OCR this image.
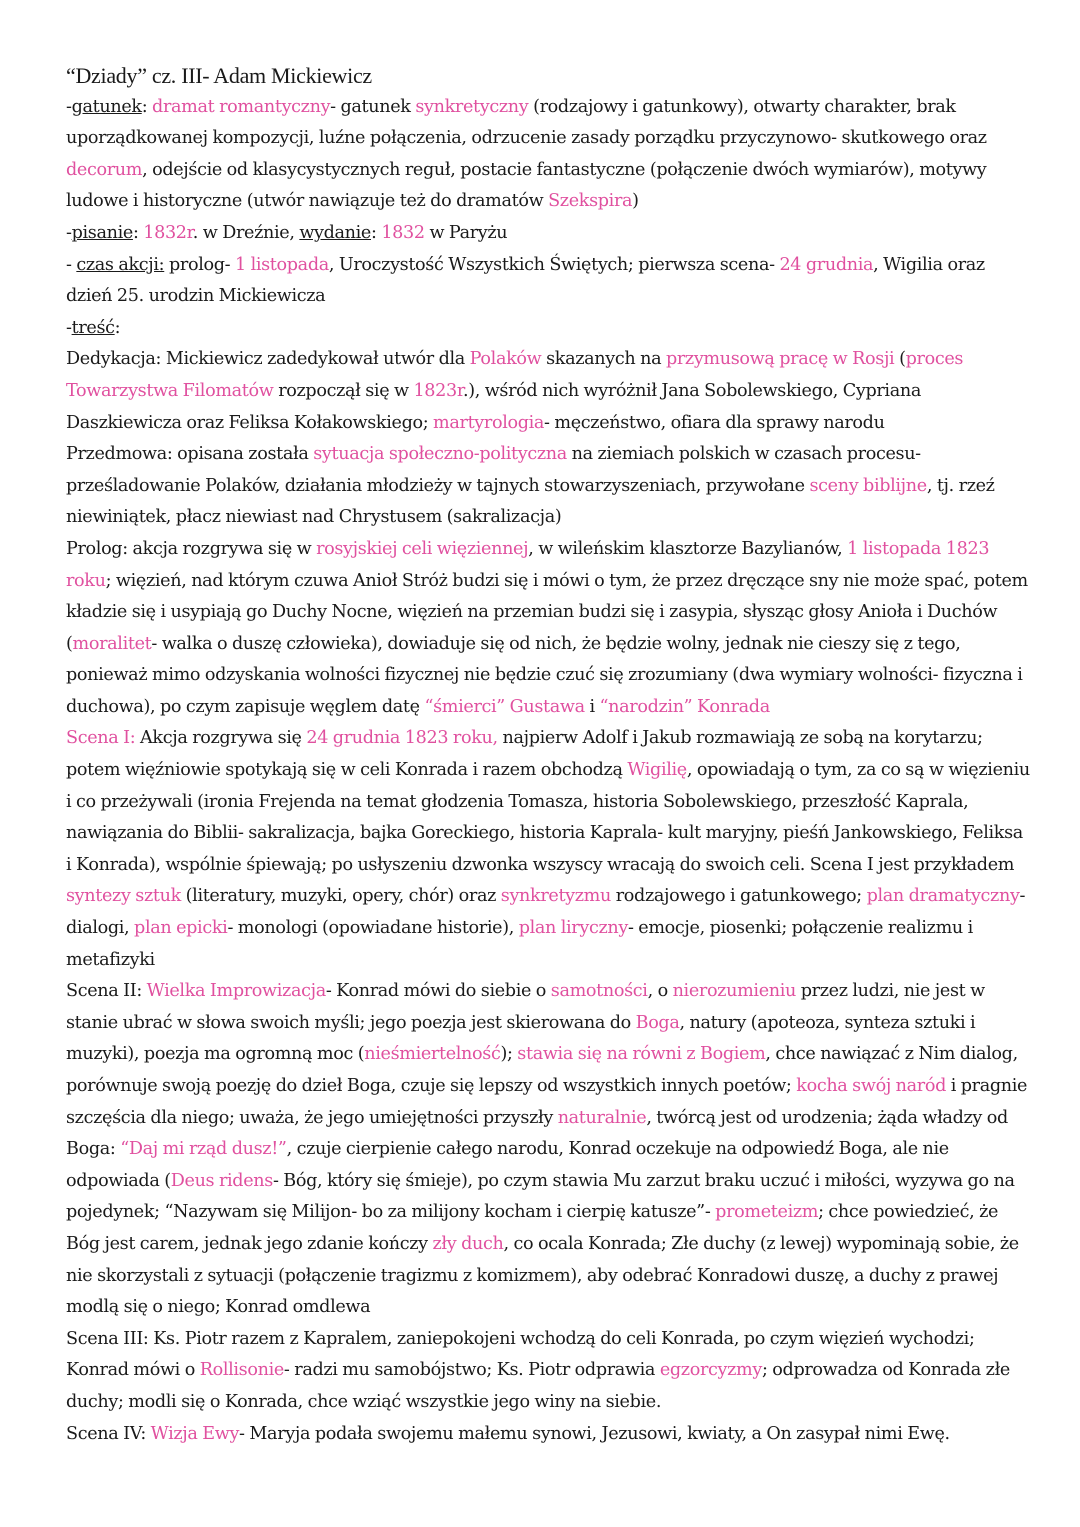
“Dziady” cz. III- Adam Mickiewicz
-gatunek: dramat romantyczny- gatunek synkretyczny (rodzajowy i gatunkowy), otwarty charakter, brak
uporządkowanej kompozycji, luźne połączenia, odrzucenie zasady porządku przyczynowo- skutkowego oraz
decorum, odejście od klasycystycznych reguł, postacie fantastyczne (połączenie dwóch wymiarów), motywy
ludowe i historyczne (utwór nawiązuje też do dramatów Szekspira)
-pisanie: 1832r. w Dreźnie, wydanie: 1832 w Paryżu
- czas akcji: prolog- 1 listopada, Uroczystość Wszystkich Świętych; pierwsza scena- 24 grudnia, Wigilia oraz
dzień 25. urodzin Mickiewicza
-treść:
Dedykacja: Mickiewicz zadedykował utwór dla Polaków skazanych na przymusową pracę w Rosji (proces
Towarzystwa Filomatów rozpoczął się w 1823r.), wśród nich wyróżnił Jana Sobolewskiego, Cypriana
Daszkiewicza oraz Feliksa Kołakowskiego; martyrologia- męczeństwo, ofiara dla sprawy narodu
Przedmowa: opisana została sytuacja społeczno-polityczna na ziemiach polskich w czasach procesu-
prześladowanie Polaków, działania młodzieży w tajnych stowarzyszeniach, przywołane sceny biblijne, tj. rzeź
niewiniątek, płacz niewiast nad Chrystusem (sakralizacja)
Prolog: akcja rozgrywa się w rosyjskiej celi więziennej, w wileńskim klasztorze Bazylianów, 1 listopada 1823
roku; więzień, nad którym czuwa Anioł Stróż budzi się i mówi o tym, że przez dręczące sny nie może spać, potem
kładzie się i usypiają go Duchy Nocne, więzień na przemian budzi się i zasypia, słysząc głosy Anioła i Duchów
(moralitet- walka o duszę człowieka), dowiaduje się od nich, że będzie wolny, jednak nie cieszy się z tego,
ponieważ mimo odzyskania wolności fizycznej nie będzie czuć się zrozumiany (dwa wymiary wolności- fizyczna i
duchowa), po czym zapisuje węglem datę “śmierci” Gustawa i “narodzin” Konrada
Scena I: Akcja rozgrywa się 24 grudnia 1823 roku, najpierw Adolf i Jakub rozmawiają ze sobą na korytarzu;
potem więźniowie spotykają się w celi Konrada i razem obchodzą Wigilię, opowiadają o tym, za co są w więzieniu
i co przeżywali (ironia Frejenda na temat głodzenia Tomasza, historia Sobolewskiego, przeszłość Kaprala,
nawiązania do Biblii- sakralizacja, bajka Goreckiego, historia Kaprala- kult maryjny, pieśń Jankowskiego, Feliksa
i Konrada), wspólnie śpiewają; po usłyszeniu dzwonka wszyscy wracają do swoich celi. Scena I jest przykładem
syntezy sztuk (literatury, muzyki, opery, chór) oraz synkretyzmu rodzajowego i gatunkowego; plan dramatyczny-
dialogi, plan epicki- monologi (opowiadane historie), plan liryczny- emocje, piosenki; połączenie realizmu i
metafizyki
Scena II: Wielka Improwizacja- Konrad mówi do siebie o samotności, o nierozumieniu przez ludzi, nie jest w
stanie ubrać w słowa swoich myśli; jego poezja jest skierowana do Boga, natury (apoteoza, synteza sztuki i
muzyki), poezja ma ogromną moc (nieśmiertelność); stawia się na równi z Bogiem, chce nawiązać z Nim dialog,
porównuje swoją poezję do dzieł Boga, czuje się lepszy od wszystkich innych poetów; kocha swój naród i pragnie
szczęścia dla niego; uważa, że jego umiejętności przyszły naturalnie, twórcą jest od urodzenia; żąda władzy od
Boga: “Daj mi rząd dusz!”, czuje cierpienie całego narodu, Konrad oczekuje na odpowiedź Boga, ale nie
odpowiada (Deus ridens- Bóg, który się śmieje), po czym stawia Mu zarzut braku uczuć i miłości, wyzywa go na
pojedynek; “Nazywam się Milijon- bo za milijony kocham i cierpię katusze”- prometeizm; chce powiedzieć, że
Bóg jest carem, jednak jego zdanie kończy zły duch, co ocala Konrada; Złe duchy (z lewej) wypominają sobie, że
nie skorzystali z sytuacji (połączenie tragizmu z komizmem), aby odebrać Konradowi duszę, a duchy z prawej
modlą się o niego; Konrad omdlewa
Scena III: Ks. Piotr razem z Kapralem, zaniepokojeni wchodzą do celi Konrada, po czym więzień wychodzi;
Konrad mówi o Rollisonie- radzi mu samobójstwo; Ks. Piotr odprawia egzorcyzmy; odprowadza od Konrada złe
duchy; modli się o Konrada, chce wziąć wszystkie jego winy na siebie.
Scena IV: Wizja Ewy- Maryja podała swojemu małemu synowi, Jezusowi, kwiaty, a On zasypał nimi Ewę.
